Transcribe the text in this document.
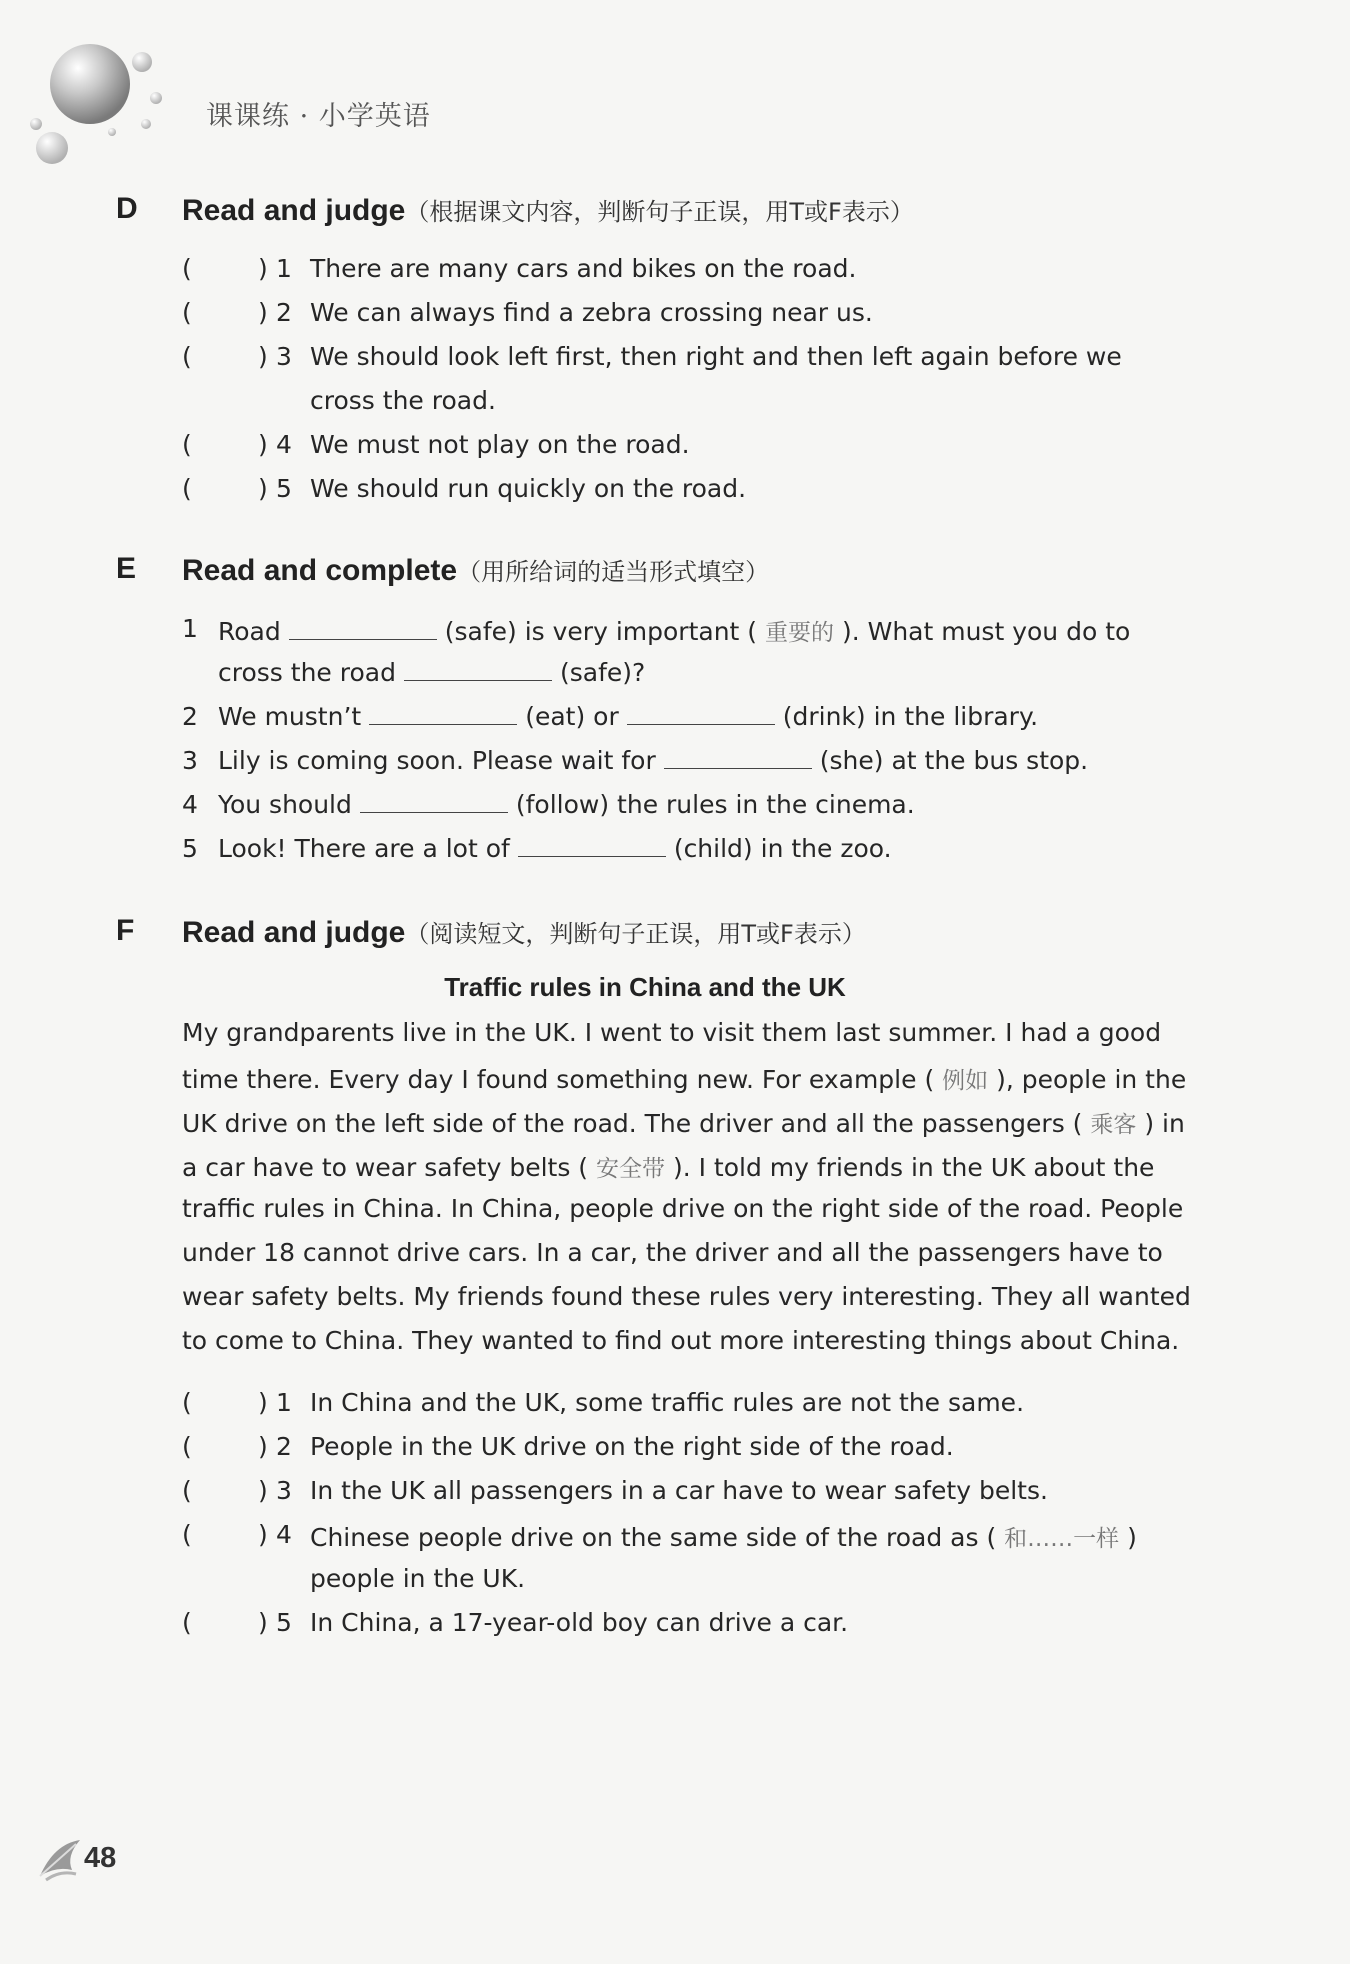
课课练 · 小学英语
D Read and judge（根据课文内容，判断句子正误，用T或F表示）
(	) 1 There are many cars and bikes on the road.
(	) 2 We can always find a zebra crossing near us.
(	) 3 We should look left first, then right and then left again before we
cross the road.
(	) 4 We must not play on the road.
(	) 5 We should run quickly on the road.
E Read and complete（用所给词的适当形式填空）
1 Road	(safe) is very important ( 重要的 ). What must you do to
cross the road	(safe)?
2 We mustn’t	(eat) or	(drink) in the library.
3 Lily is coming soon. Please wait for	(she) at the bus stop.
4 You should	(follow) the rules in the cinema.
5 Look! There are a lot of	(child) in the zoo.
F Read and judge（阅读短文，判断句子正误，用T或F表示）
Traffic rules in China and the UK
My grandparents live in the UK. I went to visit them last summer. I had a good
time there. Every day I found something new. For example ( 例如 ), people in the
UK drive on the left side of the road. The driver and all the passengers ( 乘客 ) in
a car have to wear safety belts ( 安全带 ). I told my friends in the UK about the
traffic rules in China. In China, people drive on the right side of the road. People
under 18 cannot drive cars. In a car, the driver and all the passengers have to
wear safety belts. My friends found these rules very interesting. They all wanted
to come to China. They wanted to find out more interesting things about China.
(	) 1 In China and the UK, some traffic rules are not the same.
(	) 2 People in the UK drive on the right side of the road.
(	) 3 In the UK all passengers in a car have to wear safety belts.
(	) 4 Chinese people drive on the same side of the road as ( 和……一样 )
people in the UK.
(	) 5 In China, a 17-year-old boy can drive a car.
48
